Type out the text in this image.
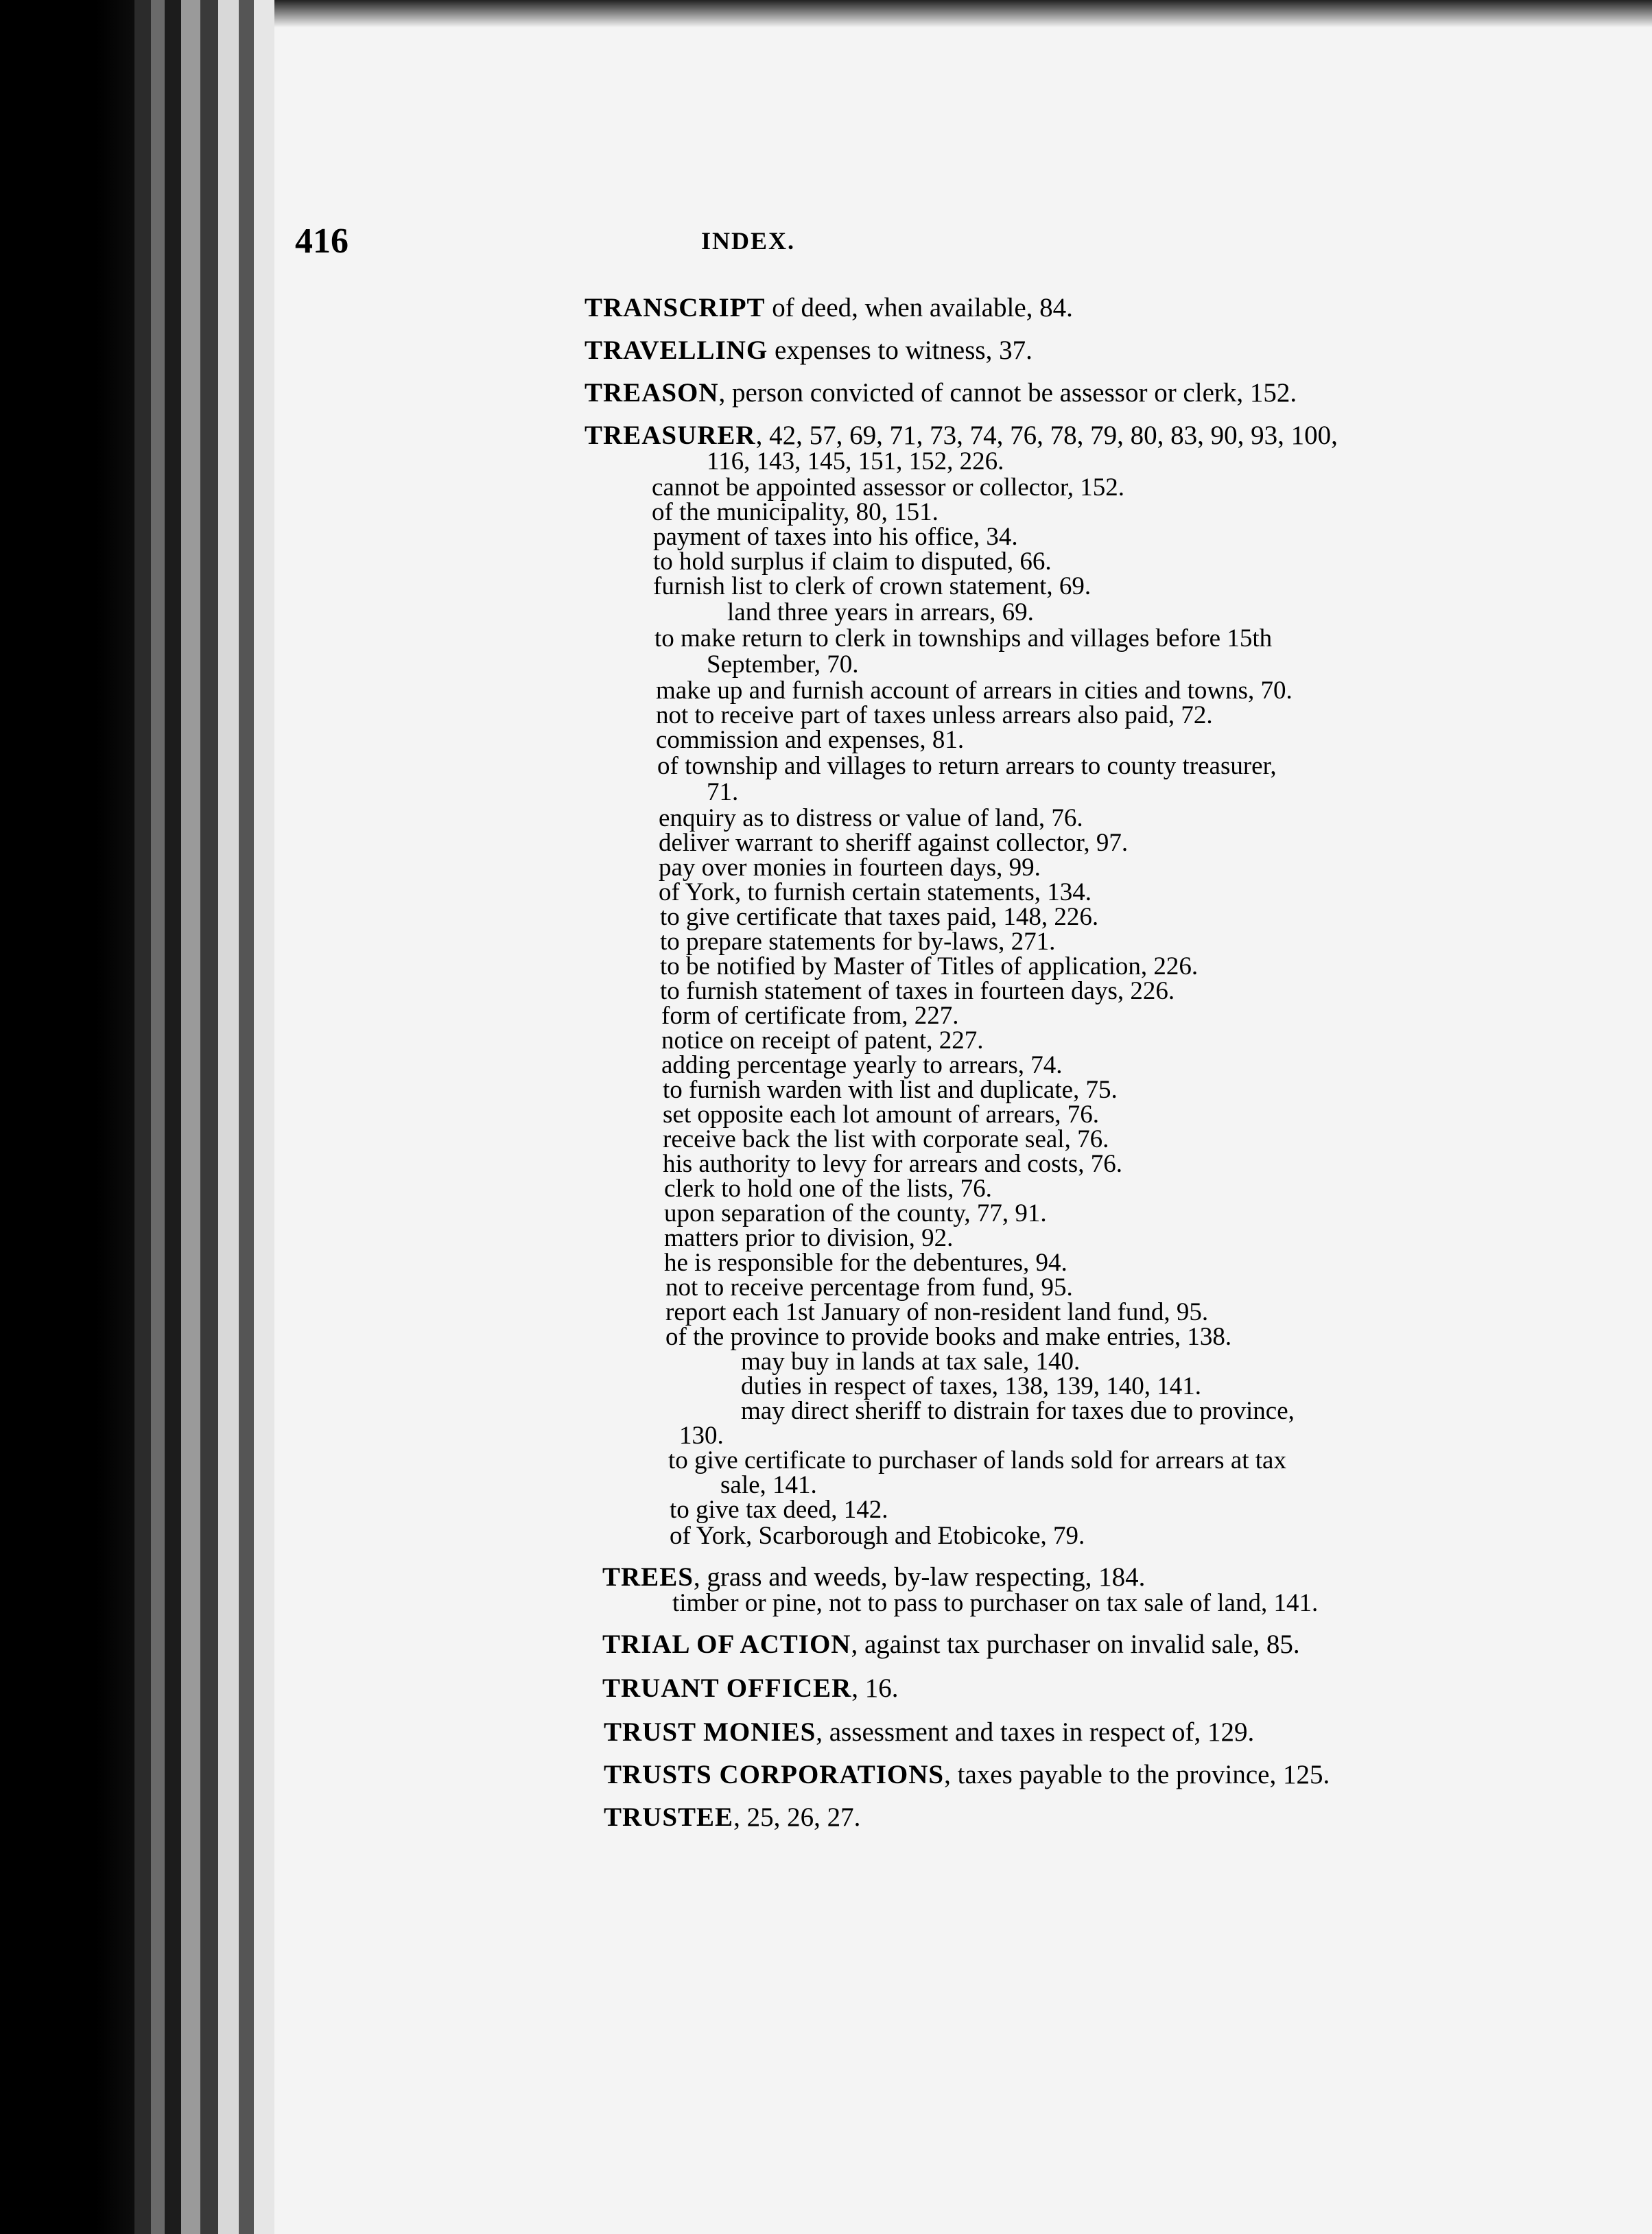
416	INDEX.
TRANSCRIPT of deed, when available, 84.
TRAVELLING expenses to witness, 37.
TREASON, person convicted of cannot be assessor or clerk, 152.
TREASURER, 42, 57, 69, 71, 73, 74, 76, 78, 79, 80, 83, 90, 93, 100,
116, 143, 145, 151, 152, 226.
cannot be appointed assessor or collector, 152.
of the municipality, 80, 151.
payment of taxes into his office, 34.
to hold surplus if claim to disputed, 66.
furnish list to clerk of crown statement, 69.
land three years in arrears, 69.
to make return to clerk in townships and villages before 15th
September, 70.
make up and furnish account of arrears in cities and towns, 70.
not to receive part of taxes unless arrears also paid, 72.
commission and expenses, 81.
of township and villages to return arrears to county treasurer,
71.
enquiry as to distress or value of land, 76.
deliver warrant to sheriff against collector, 97.
pay over monies in fourteen days, 99.
of York, to furnish certain statements, 134.
to give certificate that taxes paid, 148, 226.
to prepare statements for by-laws, 271.
to be notified by Master of Titles of application, 226.
to furnish statement of taxes in fourteen days, 226.
form of certificate from, 227.
notice on receipt of patent, 227.
adding percentage yearly to arrears, 74.
to furnish warden with list and duplicate, 75.
set opposite each lot amount of arrears, 76.
receive back the list with corporate seal, 76.
his authority to levy for arrears and costs, 76.
clerk to hold one of the lists, 76.
upon separation of the county, 77, 91.
matters prior to division, 92.
he is responsible for the debentures, 94.
not to receive percentage from fund, 95.
report each 1st January of non-resident land fund, 95.
of the province to provide books and make entries, 138.
may buy in lands at tax sale, 140.
duties in respect of taxes, 138, 139, 140, 141.
may direct sheriff to distrain for taxes due to province,
130.
to give certificate to purchaser of lands sold for arrears at tax
sale, 141.
to give tax deed, 142.
of York, Scarborough and Etobicoke, 79.
TREES, grass and weeds, by-law respecting, 184.
timber or pine, not to pass to purchaser on tax sale of land, 141.
TRIAL OF ACTION, against tax purchaser on invalid sale, 85.
TRUANT OFFICER, 16.
TRUST MONIES, assessment and taxes in respect of, 129.
TRUSTS CORPORATIONS, taxes payable to the province, 125.
TRUSTEE, 25, 26, 27.
